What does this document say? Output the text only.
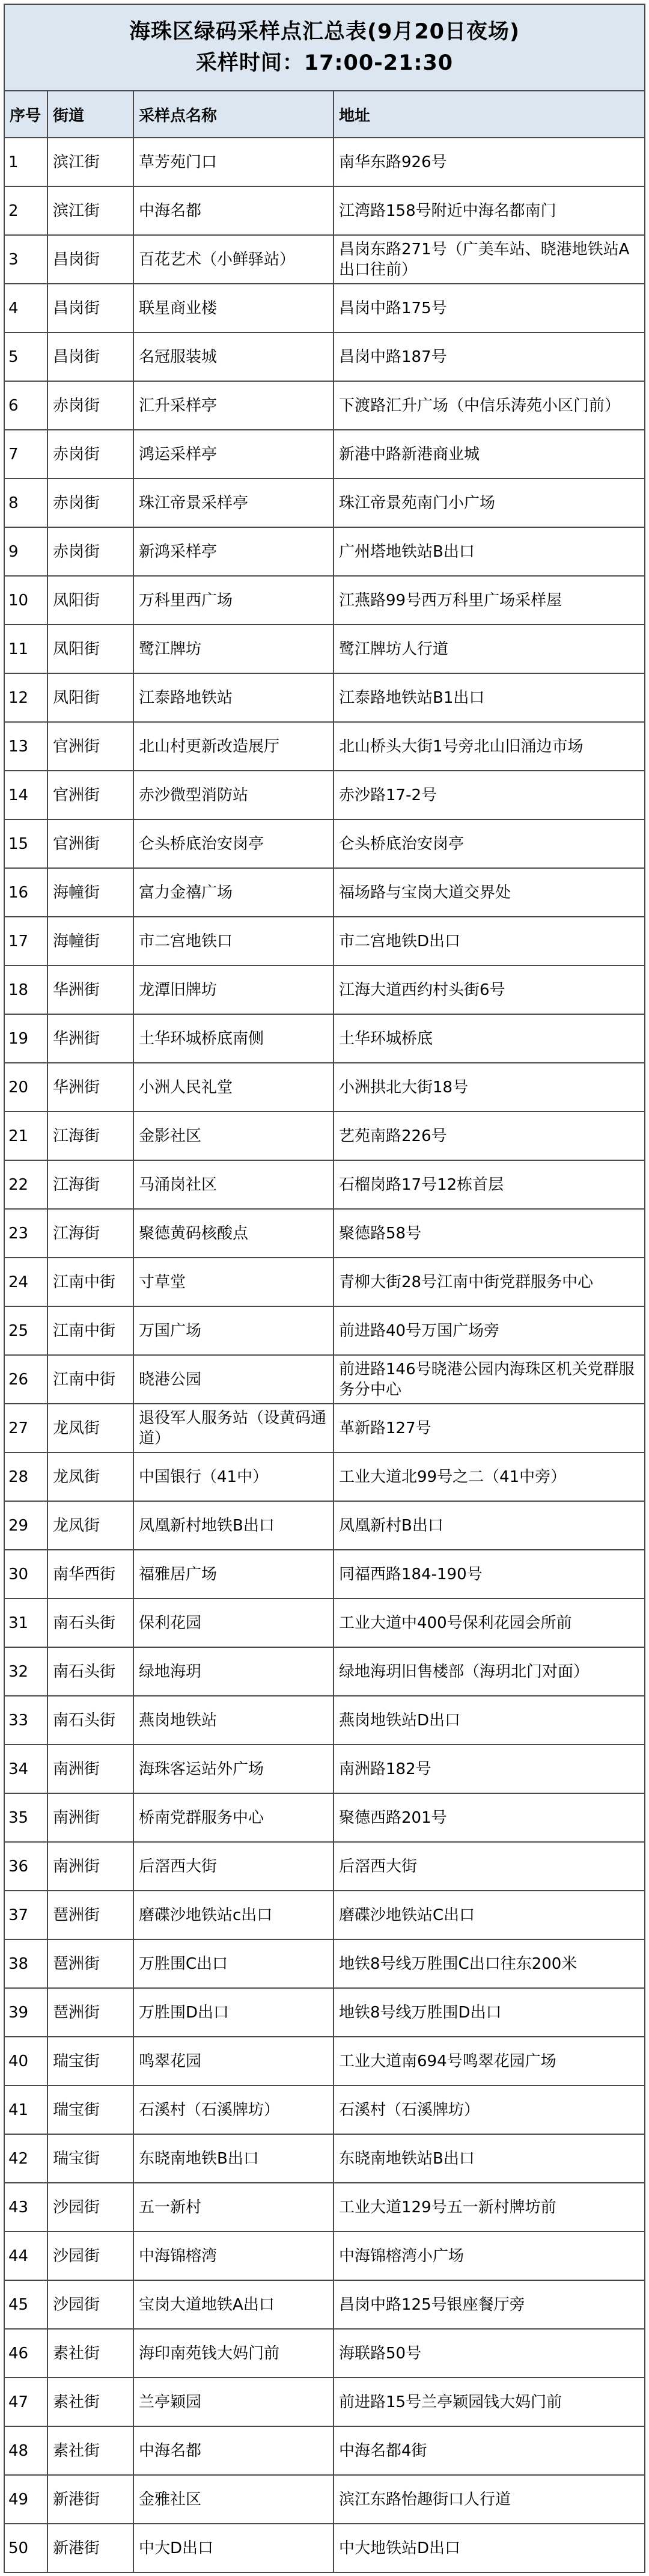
海珠区绿码采样点汇总表(9月20日夜场)
采样时间：17:00-21:30
序号	街道	采样点名称	地址
1	滨江街	草芳苑门口	南华东路926号
2	滨江街	中海名都	江湾路158号附近中海名都南门
3	昌岗街	百花艺术（小鲜驿站）	昌岗东路271号（广美车站、晓港地铁站A出口往前）
4	昌岗街	联星商业楼	昌岗中路175号
5	昌岗街	名冠服装城	昌岗中路187号
6	赤岗街	汇升采样亭	下渡路汇升广场（中信乐涛苑小区门前）
7	赤岗街	鸿运采样亭	新港中路新港商业城
8	赤岗街	珠江帝景采样亭	珠江帝景苑南门小广场
9	赤岗街	新鸿采样亭	广州塔地铁站B出口
10	凤阳街	万科里西广场	江燕路99号西万科里广场采样屋
11	凤阳街	鹭江牌坊	鹭江牌坊人行道
12	凤阳街	江泰路地铁站	江泰路地铁站B1出口
13	官洲街	北山村更新改造展厅	北山桥头大街1号旁北山旧涌边市场
14	官洲街	赤沙微型消防站	赤沙路17-2号
15	官洲街	仑头桥底治安岗亭	仑头桥底治安岗亭
16	海幢街	富力金禧广场	福场路与宝岗大道交界处
17	海幢街	市二宫地铁口	市二宫地铁D出口
18	华洲街	龙潭旧牌坊	江海大道西约村头街6号
19	华洲街	土华环城桥底南侧	土华环城桥底
20	华洲街	小洲人民礼堂	小洲拱北大街18号
21	江海街	金影社区	艺苑南路226号
22	江海街	马涌岗社区	石榴岗路17号12栋首层
23	江海街	聚德黄码核酸点	聚德路58号
24	江南中街	寸草堂	青柳大街28号江南中街党群服务中心
25	江南中街	万国广场	前进路40号万国广场旁
26	江南中街	晓港公园	前进路146号晓港公园内海珠区机关党群服务分中心
27	龙凤街	退役军人服务站（设黄码通道）	革新路127号
28	龙凤街	中国银行（41中）	工业大道北99号之二（41中旁）
29	龙凤街	凤凰新村地铁B出口	凤凰新村B出口
30	南华西街	福雅居广场	同福西路184-190号
31	南石头街	保利花园	工业大道中400号保利花园会所前
32	南石头街	绿地海玥	绿地海玥旧售楼部（海玥北门对面）
33	南石头街	燕岗地铁站	燕岗地铁站D出口
34	南洲街	海珠客运站外广场	南洲路182号
35	南洲街	桥南党群服务中心	聚德西路201号
36	南洲街	后滘西大街	后滘西大街
37	琶洲街	磨碟沙地铁站c出口	磨碟沙地铁站C出口
38	琶洲街	万胜围C出口	地铁8号线万胜围C出口往东200米
39	琶洲街	万胜围D出口	地铁8号线万胜围D出口
40	瑞宝街	鸣翠花园	工业大道南694号鸣翠花园广场
41	瑞宝街	石溪村（石溪牌坊）	石溪村（石溪牌坊）
42	瑞宝街	东晓南地铁B出口	东晓南地铁站B出口
43	沙园街	五一新村	工业大道129号五一新村牌坊前
44	沙园街	中海锦榕湾	中海锦榕湾小广场
45	沙园街	宝岗大道地铁A出口	昌岗中路125号银座餐厅旁
46	素社街	海印南苑钱大妈门前	海联路50号
47	素社街	兰亭颖园	前进路15号兰亭颖园钱大妈门前
48	素社街	中海名都	中海名都4街
49	新港街	金雅社区	滨江东路怡趣街口人行道
50	新港街	中大D出口	中大地铁站D出口
